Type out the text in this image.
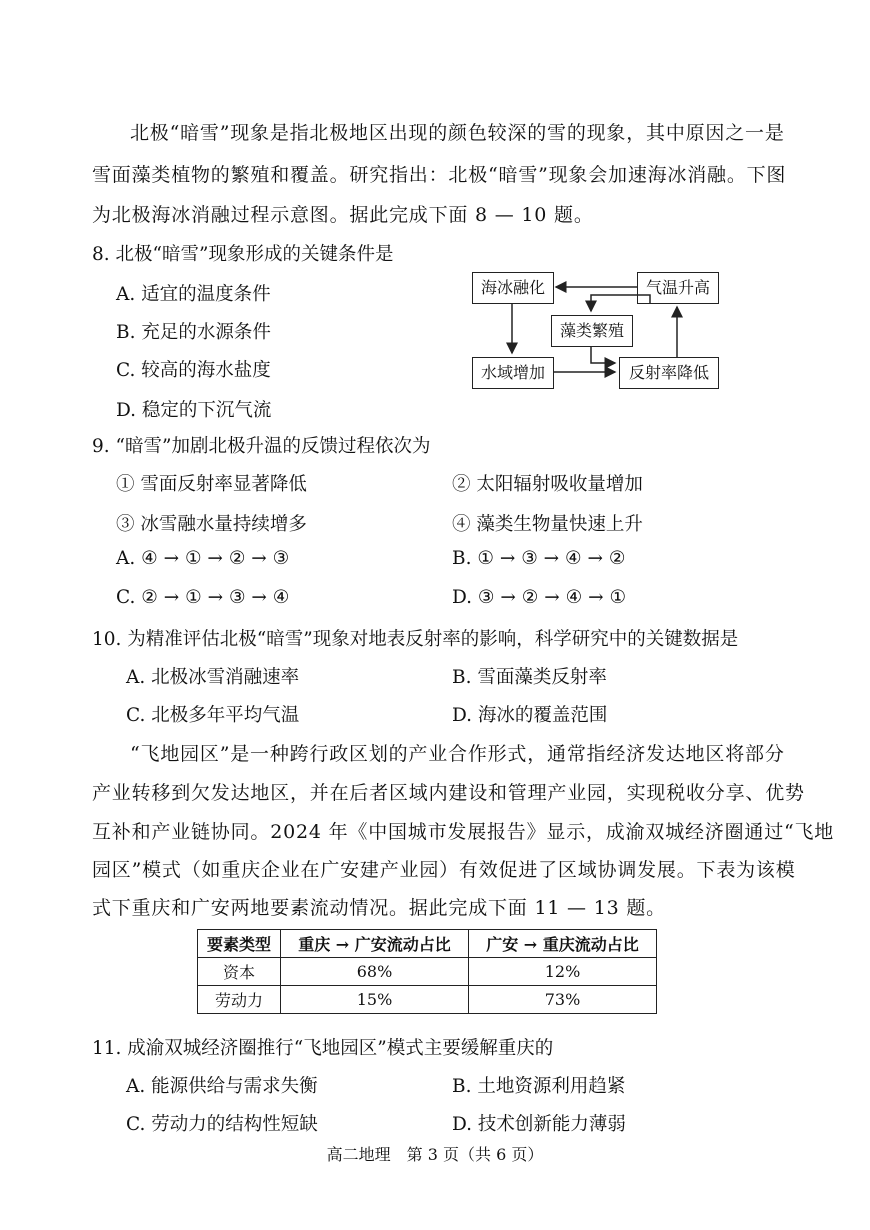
北极“暗雪”现象是指北极地区出现的颜色较深的雪的现象，其中原因之一是
雪面藻类植物的繁殖和覆盖。研究指出：北极“暗雪”现象会加速海冰消融。下图
为北极海冰消融过程示意图。据此完成下面 8 — 10 题。
8. 北极“暗雪”现象形成的关键条件是
A. 适宜的温度条件
B. 充足的水源条件
C. 较高的海水盐度
D. 稳定的下沉气流
海冰融化	气温升高
藻类繁殖
水域增加	反射率降低
9. “暗雪”加剧北极升温的反馈过程依次为
① 雪面反射率显著降低	② 太阳辐射吸收量增加
③ 冰雪融水量持续增多	④ 藻类生物量快速上升
A. ④ → ① → ② → ③	B. ① → ③ → ④ → ②
C. ② → ① → ③ → ④	D. ③ → ② → ④ → ①
10. 为精准评估北极“暗雪”现象对地表反射率的影响，科学研究中的关键数据是
A. 北极冰雪消融速率	B. 雪面藻类反射率
C. 北极多年平均气温	D. 海冰的覆盖范围
“飞地园区”是一种跨行政区划的产业合作形式，通常指经济发达地区将部分
产业转移到欠发达地区，并在后者区域内建设和管理产业园，实现税收分享、优势
互补和产业链协同。2024 年《中国城市发展报告》显示，成渝双城经济圈通过“飞地
园区”模式（如重庆企业在广安建产业园）有效促进了区域协调发展。下表为该模
式下重庆和广安两地要素流动情况。据此完成下面 11 — 13 题。
要素类型	重庆 → 广安流动占比	广安 → 重庆流动占比
资本	68%	12%
劳动力	15%	73%
11. 成渝双城经济圈推行“飞地园区”模式主要缓解重庆的
A. 能源供给与需求失衡	B. 土地资源利用趋紧
C. 劳动力的结构性短缺	D. 技术创新能力薄弱
高二地理　第 3 页（共 6 页）
